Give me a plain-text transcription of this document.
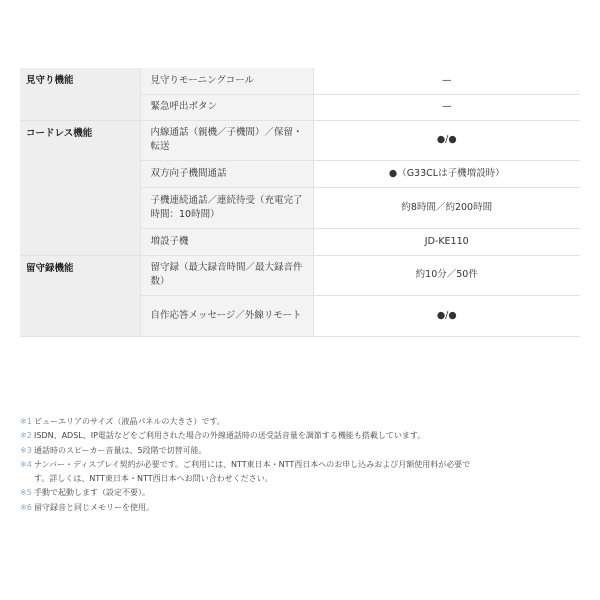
見守り機能	見守りモーニングコール	—
	緊急呼出ボタン	—
コードレス機能	内線通話（親機／子機間）／保留・転送	●/●
	双方向子機間通話	●（G33CLは子機増設時）
	子機連続通話／連続待受（充電完了時間：10時間）	約8時間／約200時間
	増設子機	JD-KE110
留守録機能	留守録（最大録音時間／最大録音件数）	約10分／50件
	自作応答メッセージ／外線リモート	●/●
※1 ビューエリアのサイズ（液晶パネルの大きさ）です。
※2 ISDN、ADSL、IP電話などをご利用された場合の外線通話時の送受話音量を調節する機能も搭載しています。
※3 通話時のスピーカー音量は、5段階で切替可能。
※4 ナンバー・ディスプレイ契約が必要です。ご利用には、NTT東日本・NTT西日本へのお申し込みおよび月額使用料が必要で
す。詳しくは、NTT東日本・NTT西日本へお問い合わせください。
※5 手動で起動します（設定不要）。
※6 留守録音と同じメモリーを使用。
